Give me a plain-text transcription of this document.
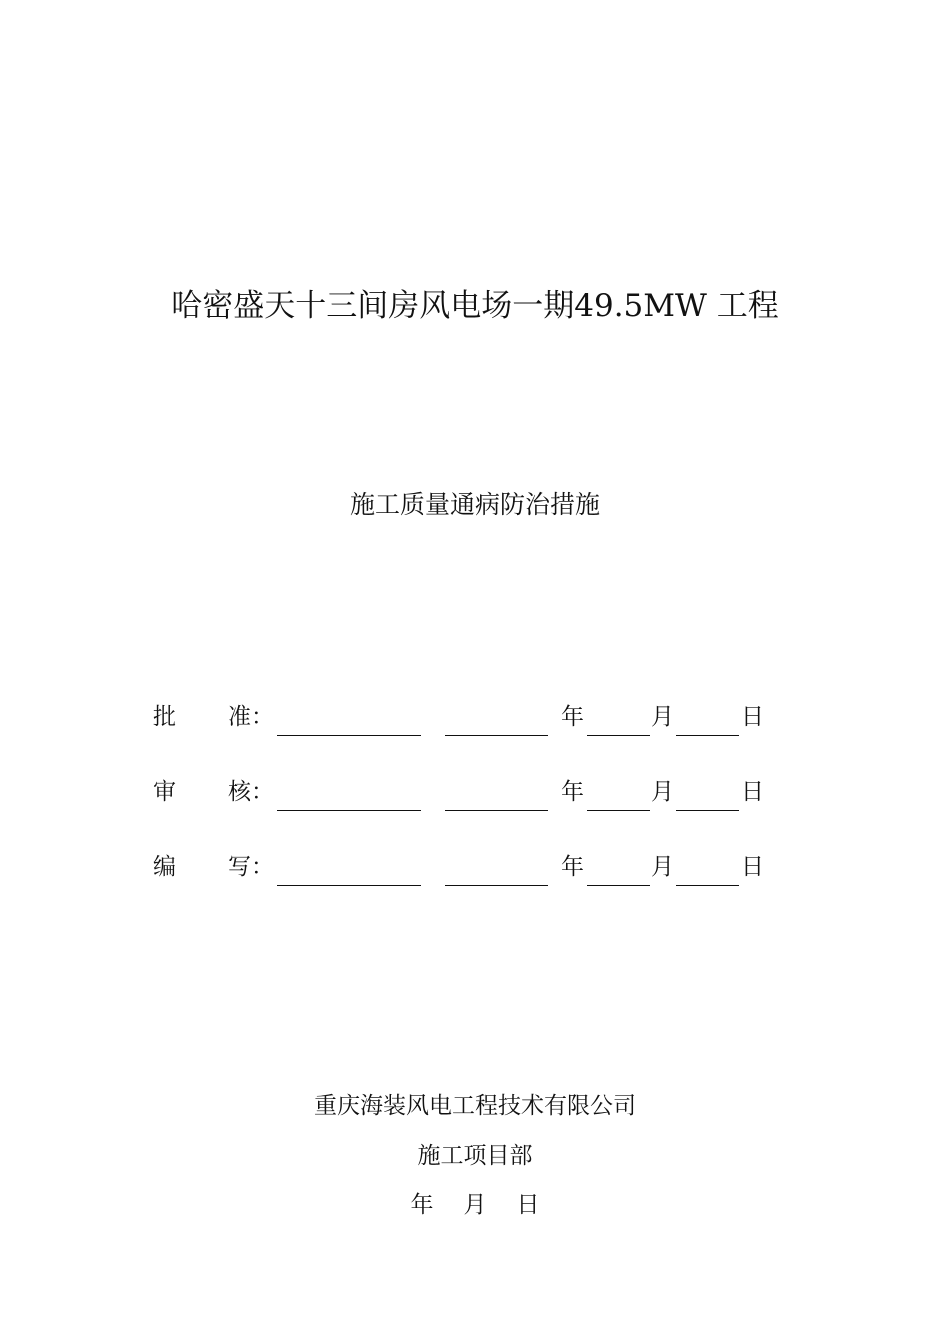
哈密盛天十三间房风电场一期49.5MW 工程
施工质量通病防治措施
批 准：	年	月	日
审 核：	年	月	日
编 写：	年	月	日
重庆海装风电工程技术有限公司
施工项目部
年 月 日
